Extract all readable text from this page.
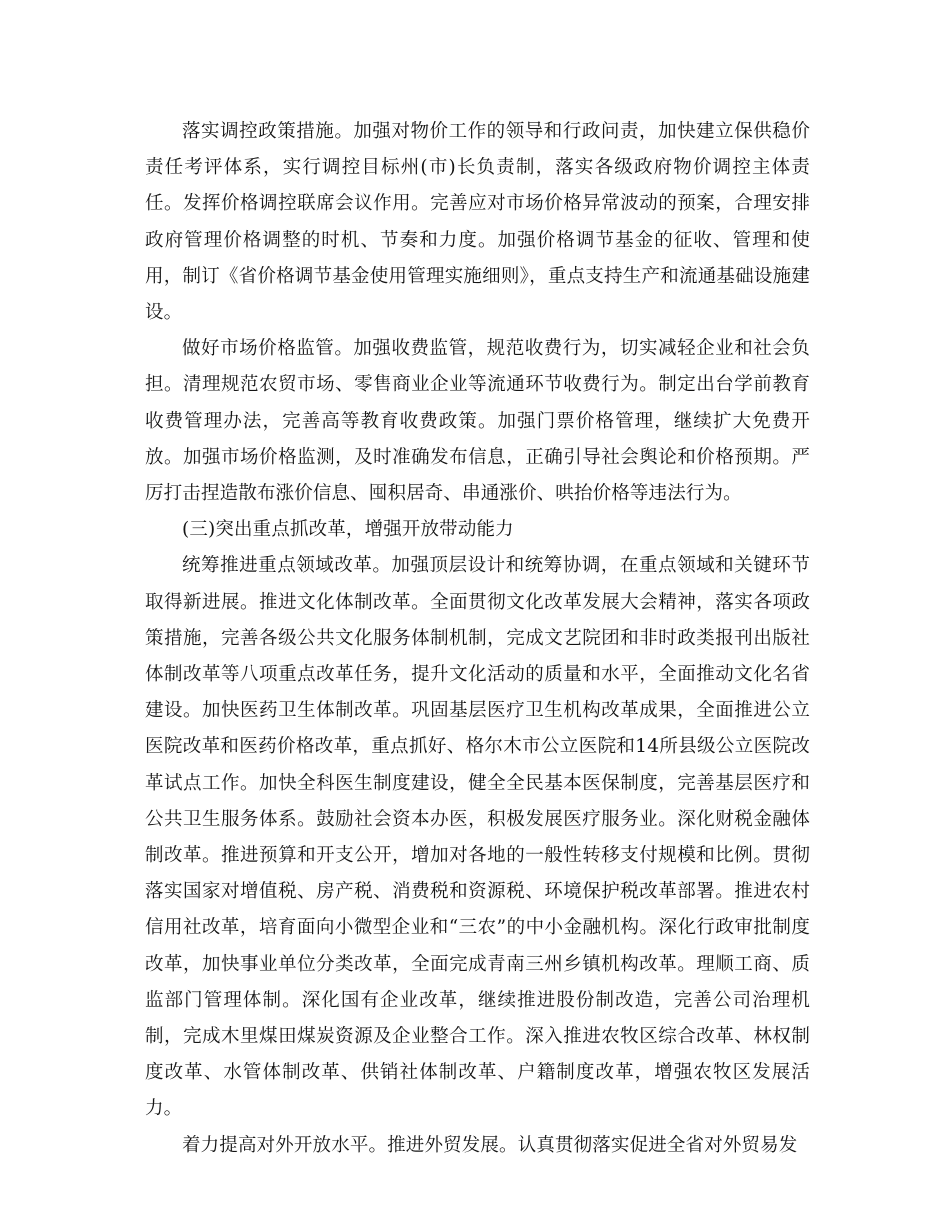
落实调控政策措施。加强对物价工作的领导和行政问责，加快建立保供稳价责任考评体系，实行调控目标州(市)长负责制，落实各级政府物价调控主体责任。发挥价格调控联席会议作用。完善应对市场价格异常波动的预案，合理安排政府管理价格调整的时机、节奏和力度。加强价格调节基金的征收、管理和使用，制订《省价格调节基金使用管理实施细则》，重点支持生产和流通基础设施建设。

做好市场价格监管。加强收费监管，规范收费行为，切实减轻企业和社会负担。清理规范农贸市场、零售商业企业等流通环节收费行为。制定出台学前教育收费管理办法，完善高等教育收费政策。加强门票价格管理，继续扩大免费开放。加强市场价格监测，及时准确发布信息，正确引导社会舆论和价格预期。严厉打击捏造散布涨价信息、囤积居奇、串通涨价、哄抬价格等违法行为。

(三)突出重点抓改革，增强开放带动能力

统筹推进重点领域改革。加强顶层设计和统筹协调，在重点领域和关键环节取得新进展。推进文化体制改革。全面贯彻文化改革发展大会精神，落实各项政策措施，完善各级公共文化服务体制机制，完成文艺院团和非时政类报刊出版社体制改革等八项重点改革任务，提升文化活动的质量和水平，全面推动文化名省建设。加快医药卫生体制改革。巩固基层医疗卫生机构改革成果，全面推进公立医院改革和医药价格改革，重点抓好、格尔木市公立医院和14所县级公立医院改革试点工作。加快全科医生制度建设，健全全民基本医保制度，完善基层医疗和公共卫生服务体系。鼓励社会资本办医，积极发展医疗服务业。深化财税金融体制改革。推进预算和开支公开，增加对各地的一般性转移支付规模和比例。贯彻落实国家对增值税、房产税、消费税和资源税、环境保护税改革部署。推进农村信用社改革，培育面向小微型企业和“三农”的中小金融机构。深化行政审批制度改革，加快事业单位分类改革，全面完成青南三州乡镇机构改革。理顺工商、质监部门管理体制。深化国有企业改革，继续推进股份制改造，完善公司治理机制，完成木里煤田煤炭资源及企业整合工作。深入推进农牧区综合改革、林权制度改革、水管体制改革、供销社体制改革、户籍制度改革，增强农牧区发展活力。

着力提高对外开放水平。推进外贸发展。认真贯彻落实促进全省对外贸易发
